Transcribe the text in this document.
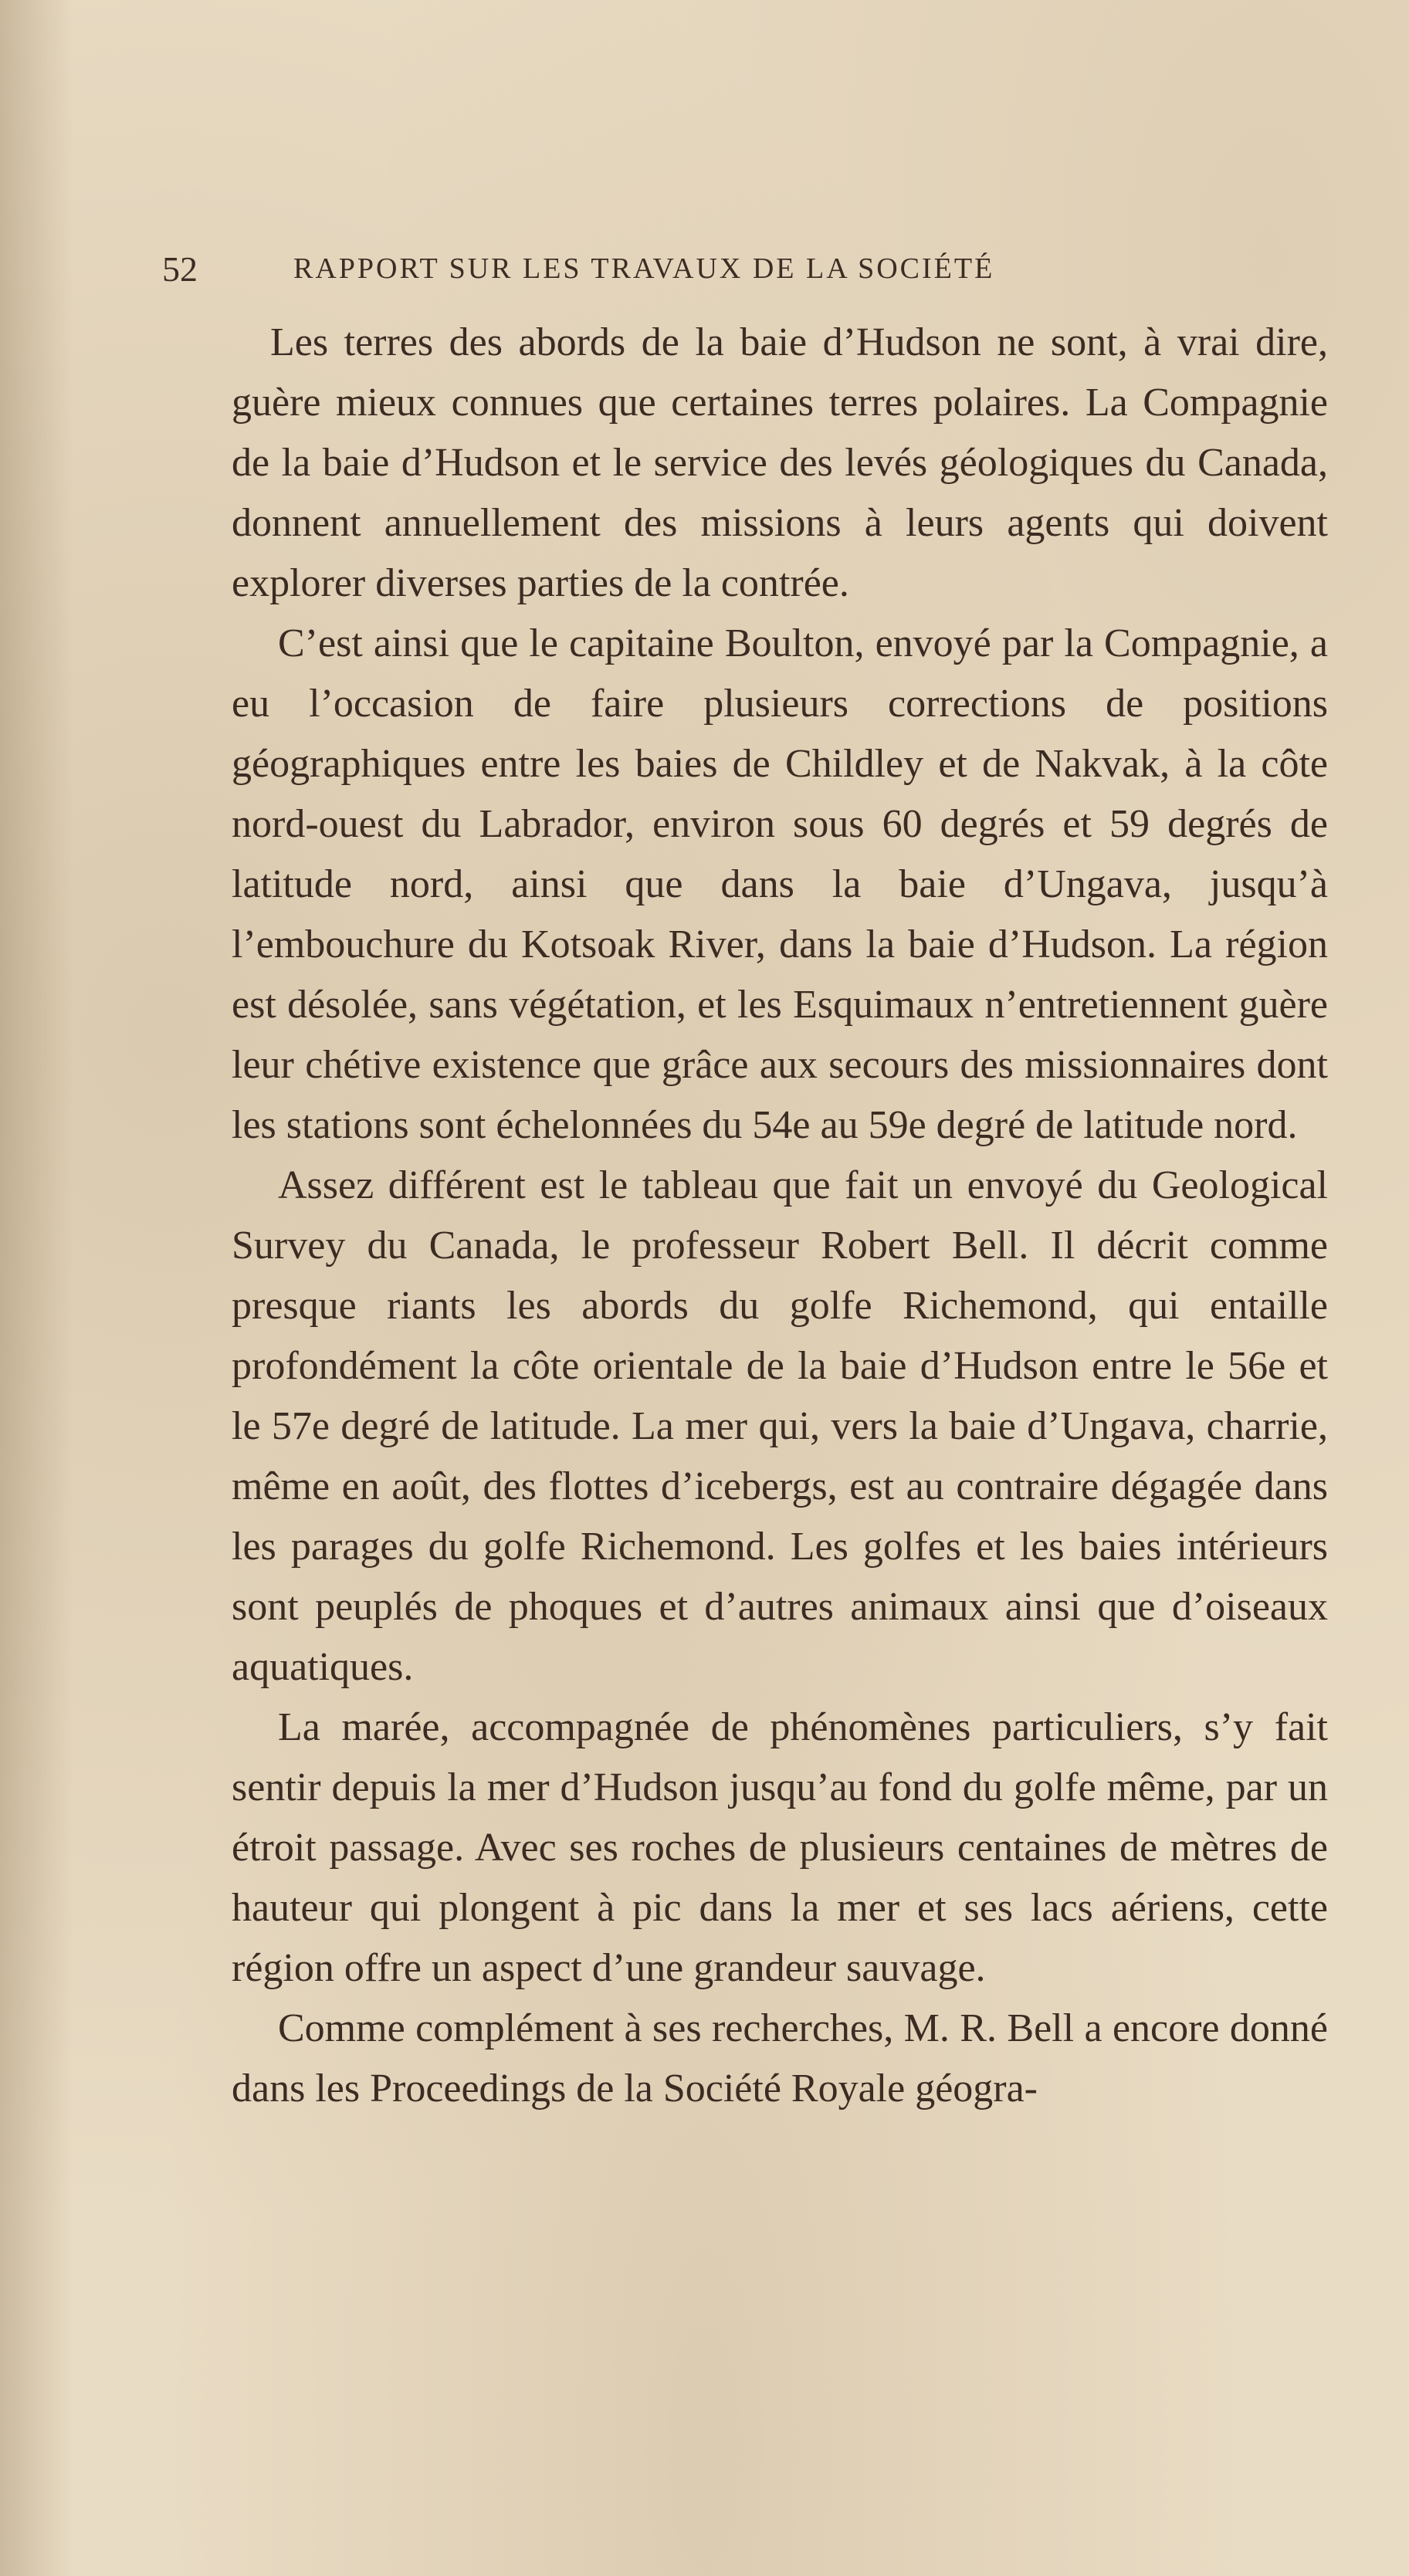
52	RAPPORT SUR LES TRAVAUX DE LA SOCIÉTÉ

Les terres des abords de la baie d’Hudson ne sont, à vrai dire, guère mieux connues que certaines terres polaires. La Compagnie de la baie d’Hudson et le service des levés géologiques du Canada, donnent annuellement des missions à leurs agents qui doivent explorer diverses parties de la contrée.

C’est ainsi que le capitaine Boulton, envoyé par la Compagnie, a eu l’occasion de faire plusieurs corrections de positions géographiques entre les baies de Childley et de Nakvak, à la côte nord-ouest du Labrador, environ sous 60 degrés et 59 degrés de latitude nord, ainsi que dans la baie d’Ungava, jusqu’à l’embouchure du Kotsoak River, dans la baie d’Hudson. La région est désolée, sans végétation, et les Esquimaux n’entretiennent guère leur chétive existence que grâce aux secours des missionnaires dont les stations sont échelonnées du 54e au 59e degré de latitude nord.

Assez différent est le tableau que fait un envoyé du Geological Survey du Canada, le professeur Robert Bell. Il décrit comme presque riants les abords du golfe Richemond, qui entaille profondément la côte orientale de la baie d’Hudson entre le 56e et le 57e degré de latitude. La mer qui, vers la baie d’Ungava, charrie, même en août, des flottes d’icebergs, est au contraire dégagée dans les parages du golfe Richemond. Les golfes et les baies intérieurs sont peuplés de phoques et d’autres animaux ainsi que d’oiseaux aquatiques.

La marée, accompagnée de phénomènes particuliers, s’y fait sentir depuis la mer d’Hudson jusqu’au fond du golfe même, par un étroit passage. Avec ses roches de plusieurs centaines de mètres de hauteur qui plongent à pic dans la mer et ses lacs aériens, cette région offre un aspect d’une grandeur sauvage.

Comme complément à ses recherches, M. R. Bell a encore donné dans les Proceedings de la Société Royale géogra-
